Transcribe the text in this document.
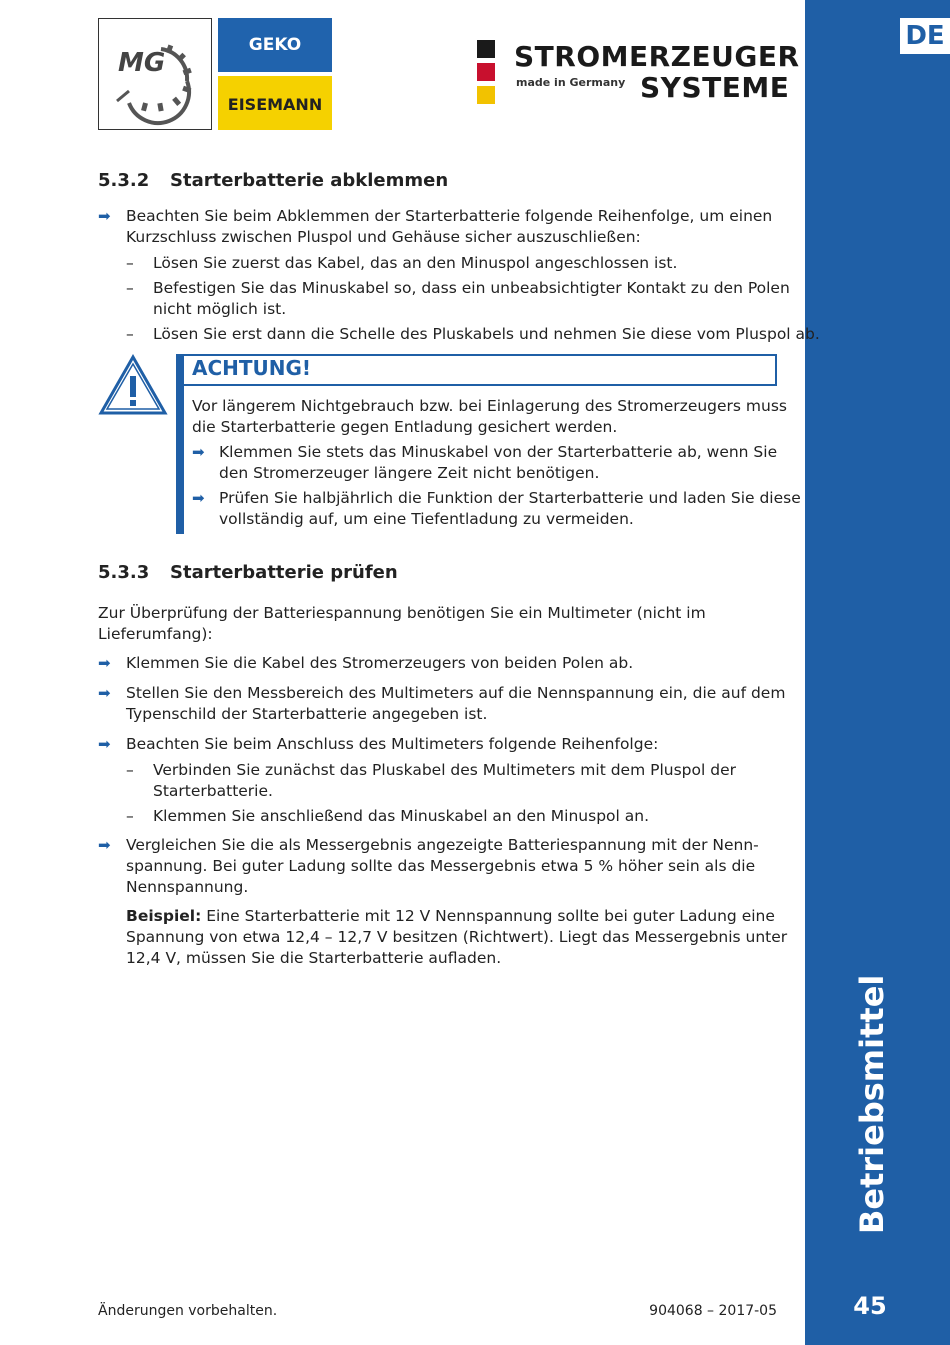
DE
Betriebsmittel
45
MG
GEKO
EISEMANN
STROMERZEUGER
made in Germany SYSTEME
5.3.2 Starterbatterie abklemmen
➡ Beachten Sie beim Abklemmen der Starterbatterie folgende Reihenfolge, um einen
Kurzschluss zwischen Pluspol und Gehäuse sicher auszuschließen:
– Lösen Sie zuerst das Kabel, das an den Minuspol angeschlossen ist.
– Befestigen Sie das Minuskabel so, dass ein unbeabsichtigter Kontakt zu den Polen
nicht möglich ist.
– Lösen Sie erst dann die Schelle des Pluskabels und nehmen Sie diese vom Pluspol ab.
ACHTUNG!
Vor längerem Nichtgebrauch bzw. bei Einlagerung des Stromerzeugers muss
die Starterbatterie gegen Entladung gesichert werden.
➡ Klemmen Sie stets das Minuskabel von der Starterbatterie ab, wenn Sie
den Stromerzeuger längere Zeit nicht benötigen.
➡ Prüfen Sie halbjährlich die Funktion der Starterbatterie und laden Sie diese
vollständig auf, um eine Tiefentladung zu vermeiden.
5.3.3 Starterbatterie prüfen
Zur Überprüfung der Batteriespannung benötigen Sie ein Multimeter (nicht im
Lieferumfang):
➡ Klemmen Sie die Kabel des Stromerzeugers von beiden Polen ab.
➡ Stellen Sie den Messbereich des Multimeters auf die Nennspannung ein, die auf dem
Typenschild der Starterbatterie angegeben ist.
➡ Beachten Sie beim Anschluss des Multimeters folgende Reihenfolge:
– Verbinden Sie zunächst das Pluskabel des Multimeters mit dem Pluspol der
Starterbatterie.
– Klemmen Sie anschließend das Minuskabel an den Minuspol an.
➡ Vergleichen Sie die als Messergebnis angezeigte Batteriespannung mit der Nenn-
spannung. Bei guter Ladung sollte das Messergebnis etwa 5 % höher sein als die
Nennspannung.
Beispiel: Eine Starterbatterie mit 12 V Nennspannung sollte bei guter Ladung eine
Spannung von etwa 12,4 – 12,7 V besitzen (Richtwert). Liegt das Messergebnis unter
12,4 V, müssen Sie die Starterbatterie aufladen.
Änderungen vorbehalten.	904068 – 2017-05
